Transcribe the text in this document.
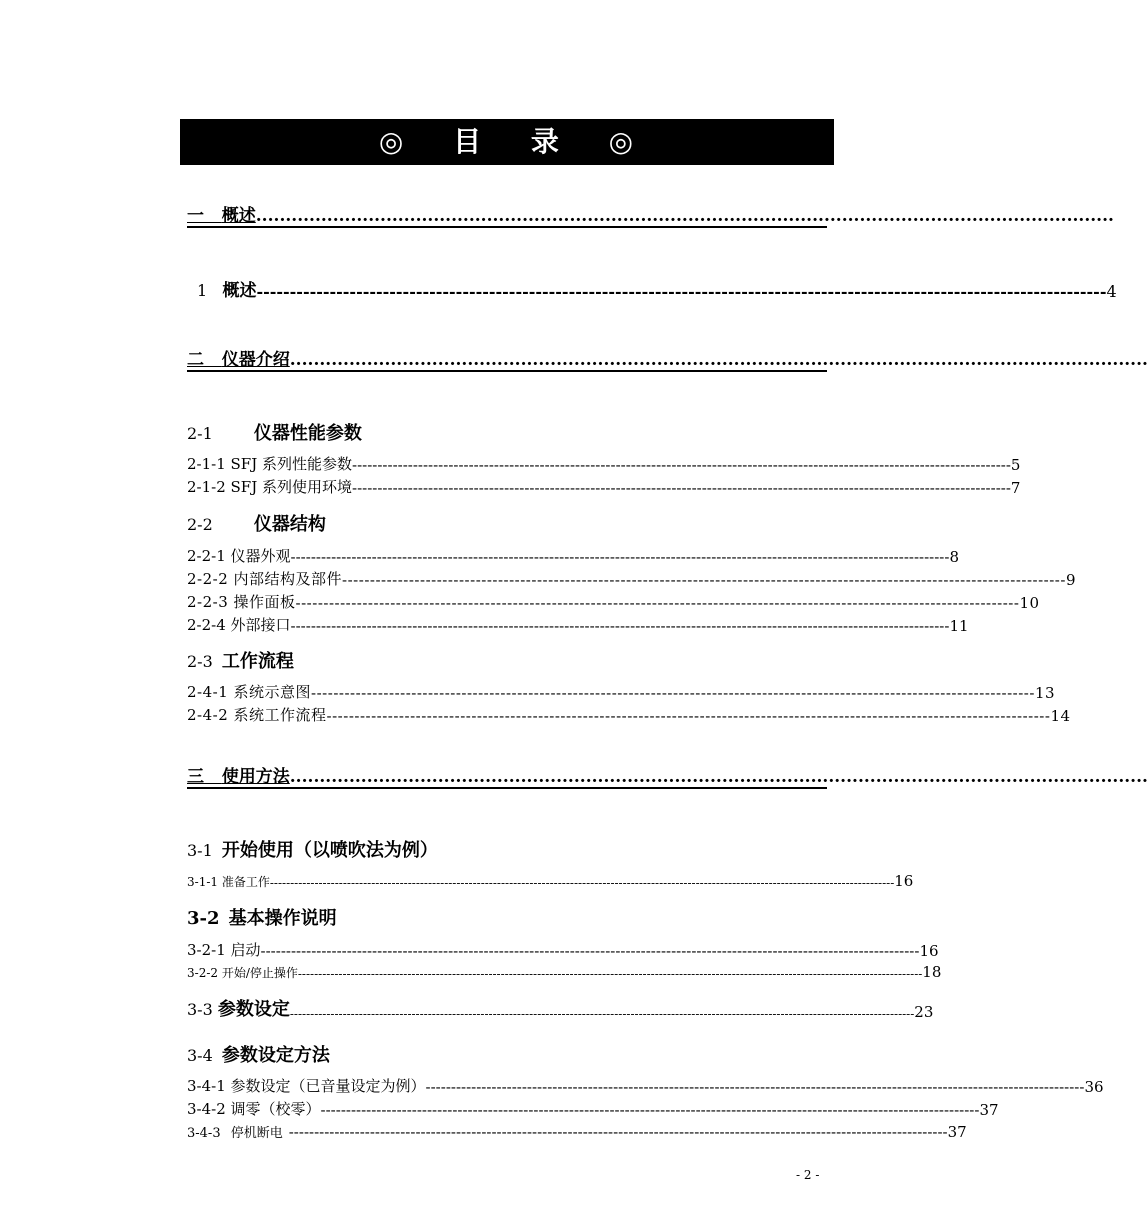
◎ 目 录 ◎
一 概述 .................................................................................................................................................
1 概述 -------------------------------------------------------------------------------------------------------------------------------- 4
二 仪器介绍 .................................................................................................................................................
2-1 仪器性能参数
2-1-1 SFJ 系列性能参数 ---------------------------------------------------------------------------------------------------------------------------------- 5
2-1-2 SFJ 系列使用环境 ---------------------------------------------------------------------------------------------------------------------------------- 7
2-2 仪器结构
2-2-1 仪器外观 ---------------------------------------------------------------------------------------------------------------------------------- 8
2-2-2 内部结构及部件 ---------------------------------------------------------------------------------------------------------------------------------- 9
2-2-3 操作面板 ---------------------------------------------------------------------------------------------------------------------------------- 10
2-2-4 外部接口 ---------------------------------------------------------------------------------------------------------------------------------- 11
2-3 工作流程
2-4-1 系统示意图 ---------------------------------------------------------------------------------------------------------------------------------- 13
2-4-2 系统工作流程 ---------------------------------------------------------------------------------------------------------------------------------- 14
三 使用方法 .................................................................................................................................................
3-1 开始使用（以喷吹法为例）
3-1-1 准备工作 ---------------------------------------------------------------------------------------------------------------------------------------------------------- 16
3-2 基本操作说明
3-2-1 启动 ---------------------------------------------------------------------------------------------------------------------------------- 16
3-2-2 开始/停止操作 ---------------------------------------------------------------------------------------------------------------------------------------------------------- 18
3-3 参数设定 ---------------------------------------------------------------------------------------------------------------------------------------------------------- 23
3-4 参数设定方法
3-4-1 参数设定（已音量设定为例） ---------------------------------------------------------------------------------------------------------------------------------- 36
3-4-2 调零（校零） ---------------------------------------------------------------------------------------------------------------------------------- 37
3-4-3 停机断电 ---------------------------------------------------------------------------------------------------------------------------------- 37
- 2 -
